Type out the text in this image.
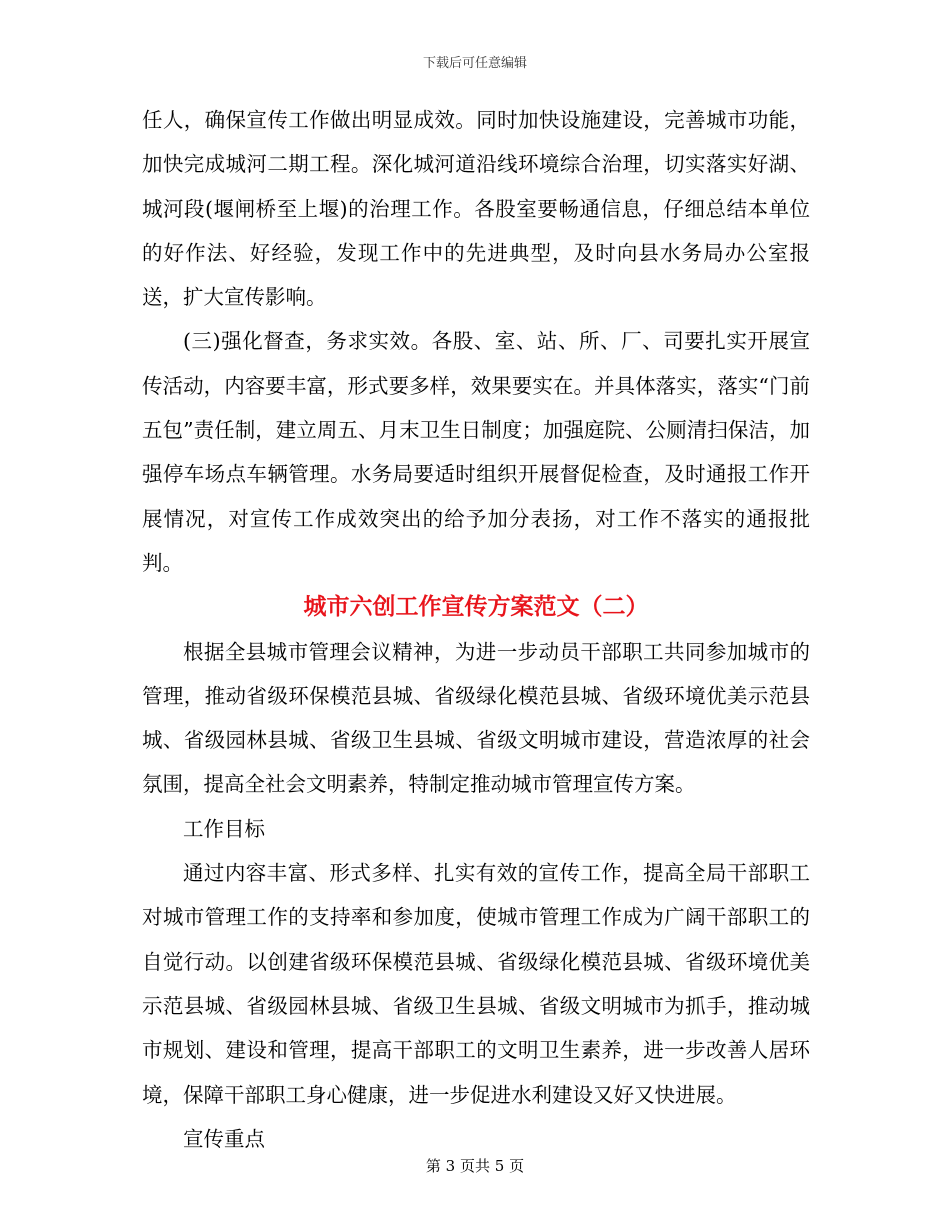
下载后可任意编辑

任人，确保宣传工作做出明显成效。同时加快设施建设，完善城市功能，加快完成城河二期工程。深化城河道沿线环境综合治理，切实落实好湖、城河段(堰闸桥至上堰)的治理工作。各股室要畅通信息，仔细总结本单位的好作法、好经验，发现工作中的先进典型，及时向县水务局办公室报送，扩大宣传影响。

(三)强化督查，务求实效。各股、室、站、所、厂、司要扎实开展宣传活动，内容要丰富，形式要多样，效果要实在。并具体落实，落实“门前五包”责任制，建立周五、月末卫生日制度；加强庭院、公厕清扫保洁，加强停车场点车辆管理。水务局要适时组织开展督促检查，及时通报工作开展情况，对宣传工作成效突出的给予加分表扬，对工作不落实的通报批判。

城市六创工作宣传方案范文（二）

根据全县城市管理会议精神，为进一步动员干部职工共同参加城市的管理，推动省级环保模范县城、省级绿化模范县城、省级环境优美示范县城、省级园林县城、省级卫生县城、省级文明城市建设，营造浓厚的社会氛围，提高全社会文明素养，特制定推动城市管理宣传方案。

工作目标

通过内容丰富、形式多样、扎实有效的宣传工作，提高全局干部职工对城市管理工作的支持率和参加度，使城市管理工作成为广阔干部职工的自觉行动。以创建省级环保模范县城、省级绿化模范县城、省级环境优美示范县城、省级园林县城、省级卫生县城、省级文明城市为抓手，推动城市规划、建设和管理，提高干部职工的文明卫生素养，进一步改善人居环境，保障干部职工身心健康，进一步促进水利建设又好又快进展。

宣传重点

第 3 页共 5 页
